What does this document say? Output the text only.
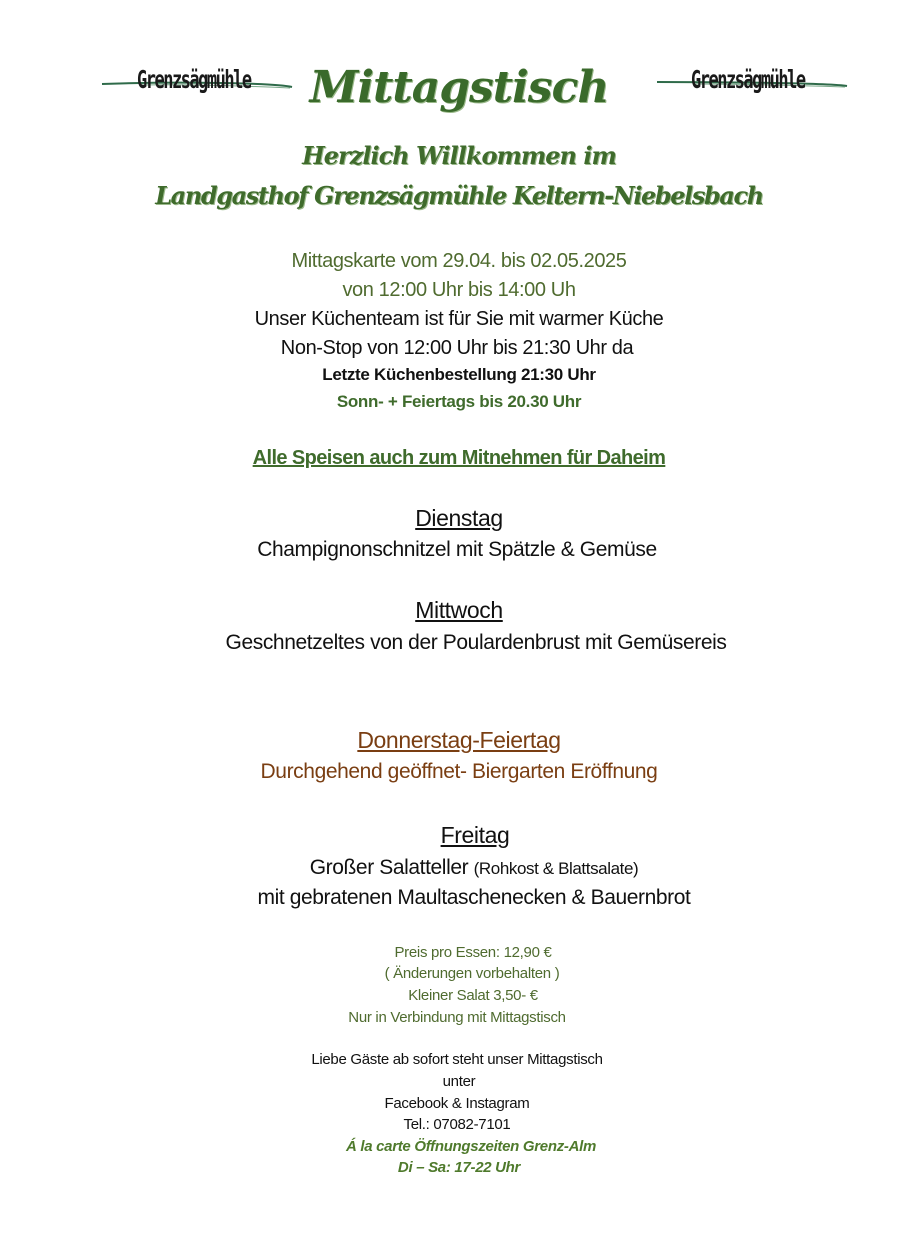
Grenzsägmühle	Grenzsägmühle
Mittagstisch
Herzlich Willkommen im
Landgasthof Grenzsägmühle Keltern-Niebelsbach
Mittagskarte vom 29.04. bis 02.05.2025
von 12:00 Uhr bis 14:00 Uh
Unser Küchenteam ist für Sie mit warmer Küche
Non-Stop von 12:00 Uhr bis 21:30 Uhr da
Letzte Küchenbestellung 21:30 Uhr
Sonn- + Feiertags bis 20.30 Uhr
Alle Speisen auch zum Mitnehmen für Daheim
Dienstag
Champignonschnitzel mit Spätzle & Gemüse
Mittwoch
Geschnetzeltes von der Poulardenbrust mit Gemüsereis
Donnerstag-Feiertag
Durchgehend geöffnet- Biergarten Eröffnung
Freitag
Großer Salatteller (Rohkost & Blattsalate)
mit gebratenen Maultaschenecken & Bauernbrot
Preis pro Essen: 12,90 €
( Änderungen vorbehalten )
Kleiner Salat 3,50- €
Nur in Verbindung mit Mittagstisch
Liebe Gäste ab sofort steht unser Mittagstisch
unter
Facebook & Instagram
Tel.: 07082-7101
Á la carte Öffnungszeiten Grenz-Alm
Di – Sa: 17-22 Uhr
